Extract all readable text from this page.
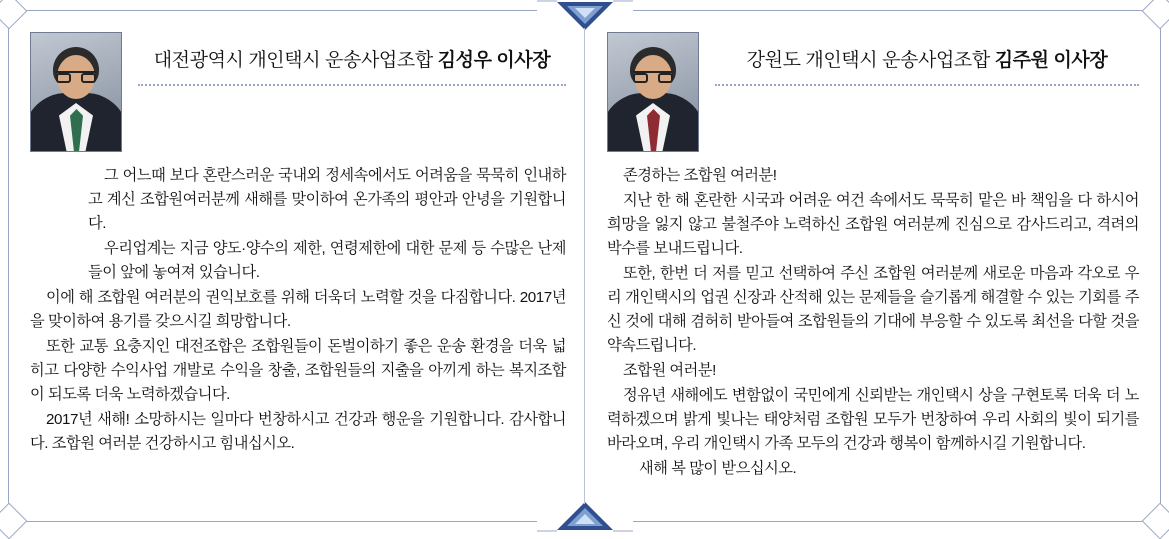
대전광역시 개인택시 운송사업조합 김성우 이사장

그 어느때 보다 혼란스러운 국내외 정세속에서도 어려움을 묵묵히 인내하고 계신 조합원여러분께 새해를 맞이하여 온가족의 평안과 안녕을 기원합니다.

우리업계는 지금 양도·양수의 제한, 연령제한에 대한 문제 등 수많은 난제들이 앞에 놓여져 있습니다.

이에 해 조합원 여러분의 권익보호를 위해 더욱더 노력할 것을 다짐합니다. 2017년을 맞이하여 용기를 갖으시길 희망합니다.

또한 교통 요충지인 대전조합은 조합원들이 돈벌이하기 좋은 운송 환경을 더욱 넓히고 다양한 수익사업 개발로 수익을 창출, 조합원들의 지출을 아끼게 하는 복지조합이 되도록 더욱 노력하겠습니다.

2017년 새해! 소망하시는 일마다 번창하시고 건강과 행운을 기원합니다. 감사합니다. 조합원 여러분 건강하시고 힘내십시오.

강원도 개인택시 운송사업조합 김주원 이사장

존경하는 조합원 여러분!

지난 한 해 혼란한 시국과 어려운 여건 속에서도 묵묵히 맡은 바 책임을 다 하시어 희망을 잃지 않고 불철주야 노력하신 조합원 여러분께 진심으로 감사드리고, 격려의 박수를 보내드립니다.

또한, 한번 더 저를 믿고 선택하여 주신 조합원 여러분께 새로운 마음과 각오로 우리 개인택시의 업권 신장과 산적해 있는 문제들을 슬기롭게 해결할 수 있는 기회를 주신 것에 대해 겸허히 받아들여 조합원들의 기대에 부응할 수 있도록 최선을 다할 것을 약속드립니다.

조합원 여러분!

정유년 새해에도 변함없이 국민에게 신뢰받는 개인택시 상을 구현토록 더욱 더 노력하겠으며 밝게 빛나는 태양처럼 조합원 모두가 번창하여 우리 사회의 빛이 되기를 바라오며, 우리 개인택시 가족 모두의 건강과 행복이 함께하시길 기원합니다.

새해 복 많이 받으십시오.
